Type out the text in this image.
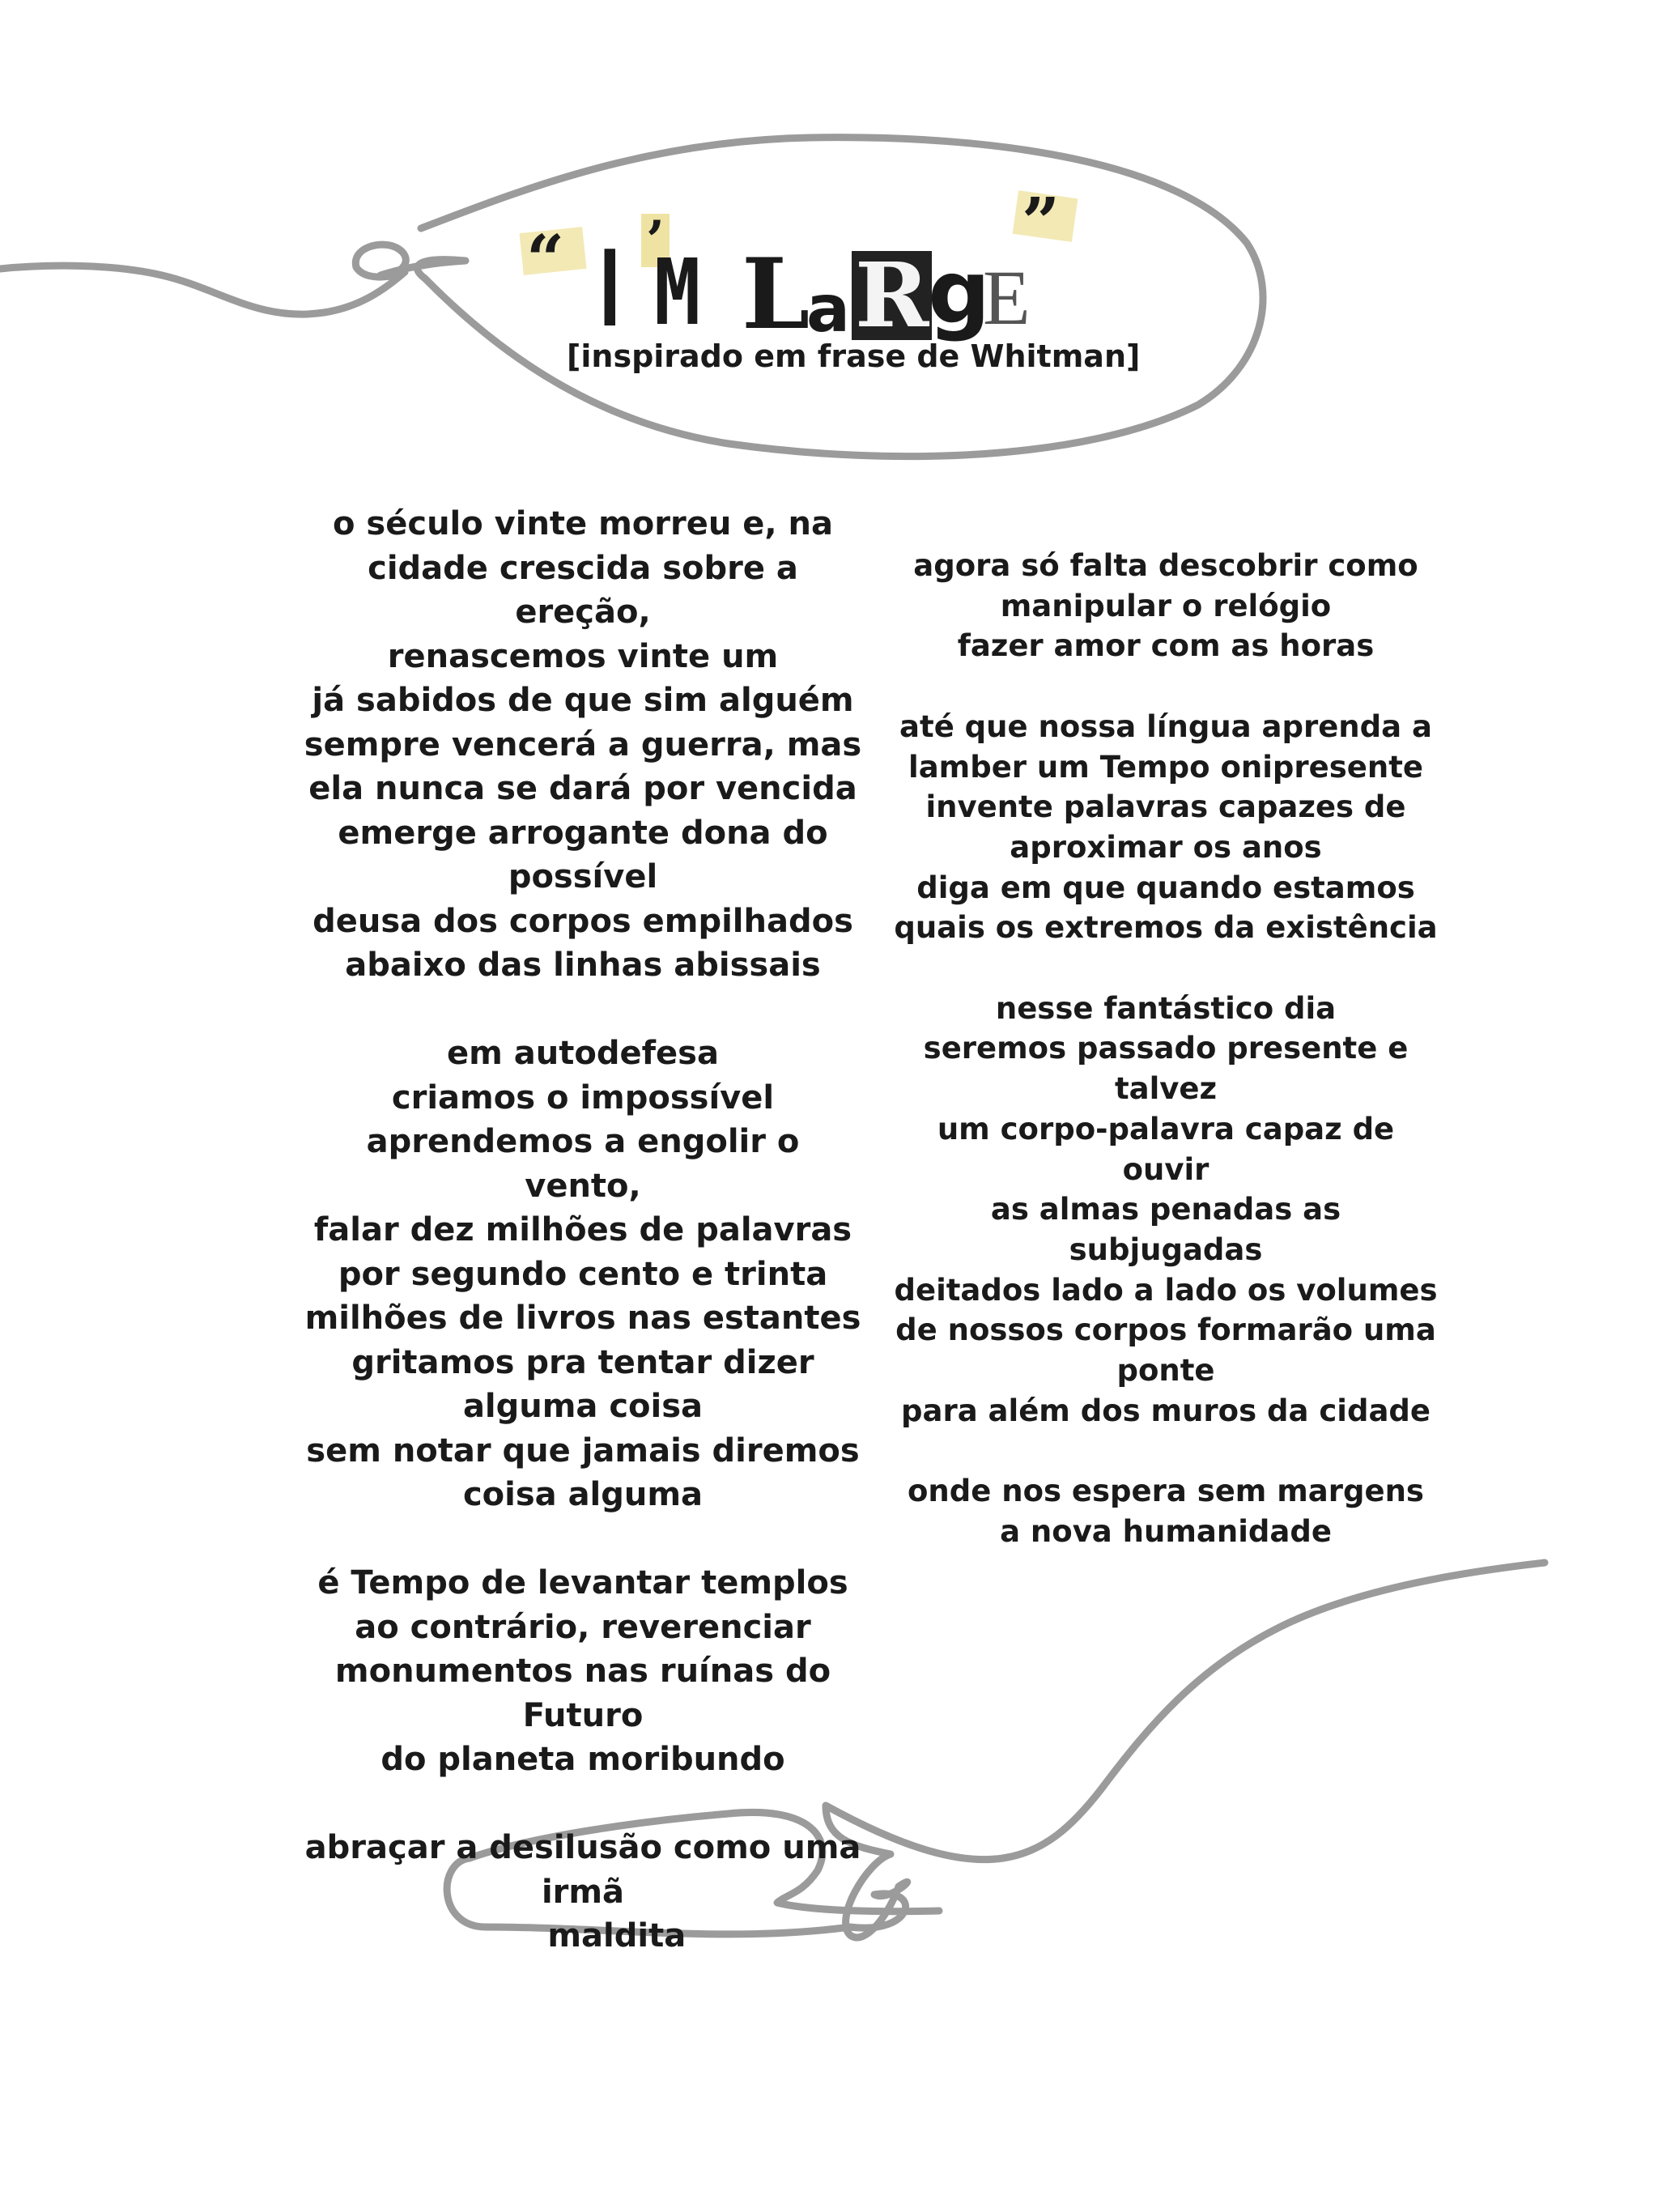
“ I ’
M L
a R
g
E
”
[inspirado em frase de Whitman]

o século vinte morreu e, na
cidade crescida sobre a ereção,
renascemos vinte um
já sabidos de que sim alguém
sempre vencerá a guerra, mas
ela nunca se dará por vencida
emerge arrogante dona do
possível
deusa dos corpos empilhados
abaixo das linhas abissais

em autodefesa
criamos o impossível
aprendemos a engolir o vento,
falar dez milhões de palavras
por segundo cento e trinta
milhões de livros nas estantes
gritamos pra tentar dizer
alguma coisa
sem notar que jamais diremos
coisa alguma

é Tempo de levantar templos
ao contrário, reverenciar
monumentos nas ruínas do
Futuro
do planeta moribundo

abraçar a desilusão como uma
irmã
maldita

agora só falta descobrir como
manipular o relógio
fazer amor com as horas

até que nossa língua aprenda a
lamber um Tempo onipresente
invente palavras capazes de
aproximar os anos
diga em que quando estamos
quais os extremos da existência

nesse fantástico dia
seremos passado presente e
talvez
um corpo-palavra capaz de ouvir
as almas penadas as subjugadas
deitados lado a lado os volumes
de nossos corpos formarão uma
ponte
para além dos muros da cidade

onde nos espera sem margens
a nova humanidade
